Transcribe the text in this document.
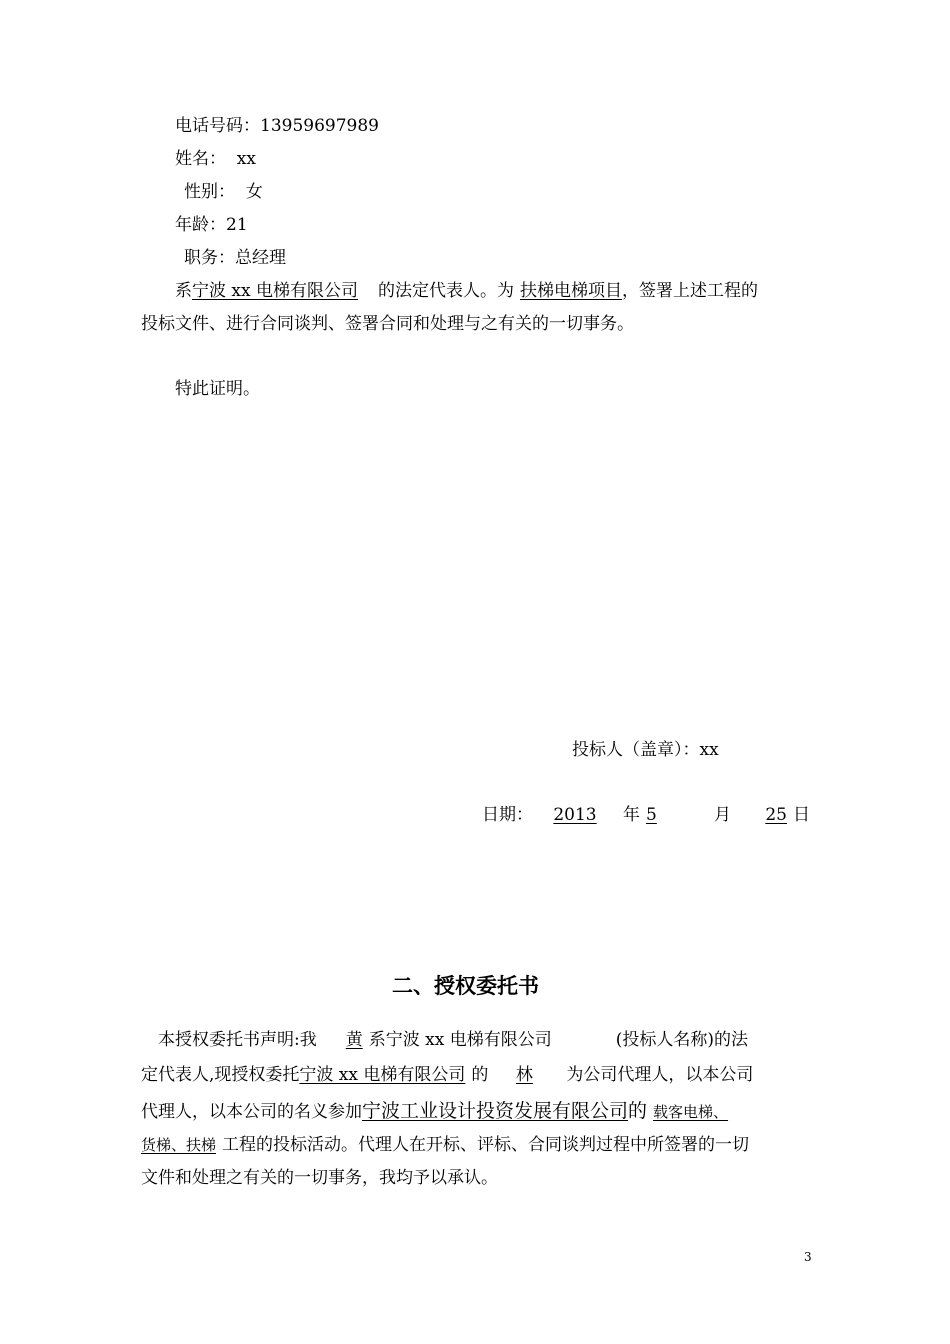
电话号码：13959697989
姓名：  xx
性别：  女
年龄：21
职务：总经理
系宁波 xx 电梯有限公司 的法定代表人。为 扶梯电梯项目，签署上述工程的
投标文件、进行合同谈判、签署合同和处理与之有关的一切事务。
特此证明。
投标人（盖章）：xx
日期： 2013 年 5	月 25 日
二、授权委托书
本授权委托书声明:我 黄 系宁波 xx 电梯有限公司	(投标人名称)的法
定代表人,现授权委托宁波 xx 电梯有限公司 的 林 为公司代理人，以本公司
代理人，以本公司的名义参加宁波工业设计投资发展有限公司的 载客电梯、
货梯、扶梯 工程的投标活动。代理人在开标、评标、合同谈判过程中所签署的一切
文件和处理之有关的一切事务，我均予以承认。
3
